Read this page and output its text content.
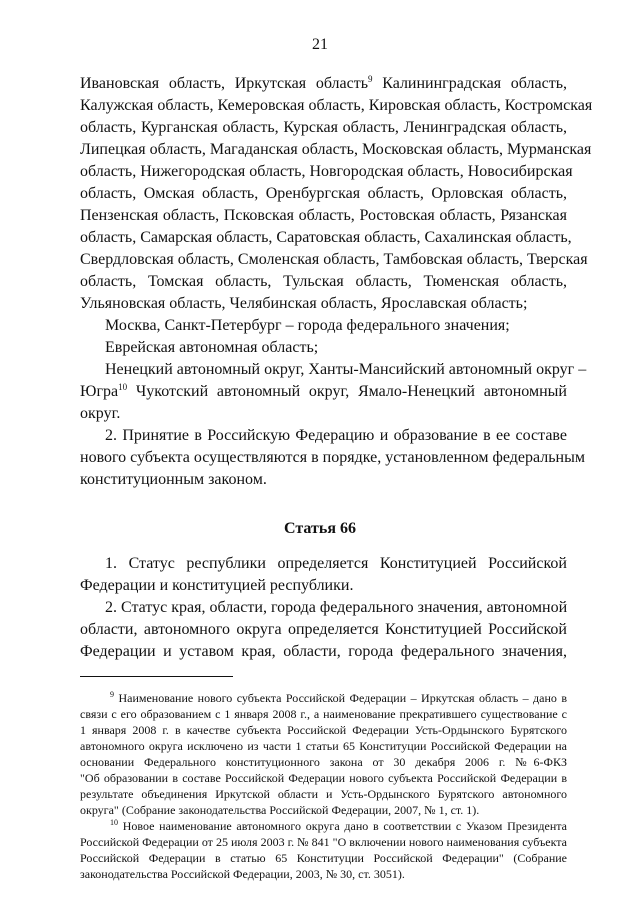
21
Ивановская область, Иркутская область$^9$ Калининградская область,
Калужская область, Кемеровская область, Кировская область, Костромская
область, Курганская область, Курская область, Ленинградская область,
Липецкая область, Магаданская область, Московская область, Мурманская
область, Нижегородская область, Новгородская область, Новосибирская
область, Омская область, Оренбургская область, Орловская область,
Пензенская область, Псковская область, Ростовская область, Рязанская
область, Самарская область, Саратовская область, Сахалинская область,
Свердловская область, Смоленская область, Тамбовская область, Тверская
область, Томская область, Тульская область, Тюменская область,
Ульяновская область, Челябинская область, Ярославская область;
Москва, Санкт-Петербург – города федерального значения;
Еврейская автономная область;
Ненецкий автономный округ, Ханты-Мансийский автономный округ –
Югра$^{10}$ Чукотский автономный округ, Ямало-Ненецкий автономный
округ.
2. Принятие в Российскую Федерацию и образование в ее составе
нового субъекта осуществляются в порядке, установленном федеральным
конституционным законом.
Статья 66
1. Статус республики определяется Конституцией Российской
Федерации и конституцией республики.
2. Статус края, области, города федерального значения, автономной
области, автономного округа определяется Конституцией Российской
Федерации и уставом края, области, города федерального значения,
$^9$ Наименование нового субъекта Российской Федерации – Иркутская область – дано в
связи с его образованием с 1 января 2008 г., а наименование прекратившего существование с
1 января 2008 г. в качестве субъекта Российской Федерации Усть-Ордынского Бурятского
автономного округа исключено из части 1 статьи 65 Конституции Российской Федерации на
основании Федерального конституционного закона от 30 декабря 2006 г. №6-ФКЗ
"Об образовании в составе Российской Федерации нового субъекта Российской Федерации в
результате объединения Иркутской области и Усть-Ордынского Бурятского автономного
округа" (Собрание законодательства Российской Федерации, 2007, № 1, ст. 1).
$^{10}$ Новое наименование автономного округа дано в соответствии с Указом Президента
Российской Федерации от 25 июля 2003 г. № 841 "О включении нового наименования субъекта
Российской Федерации в статью 65 Конституции Российской Федерации" (Собрание
законодательства Российской Федерации, 2003, № 30, ст. 3051).
